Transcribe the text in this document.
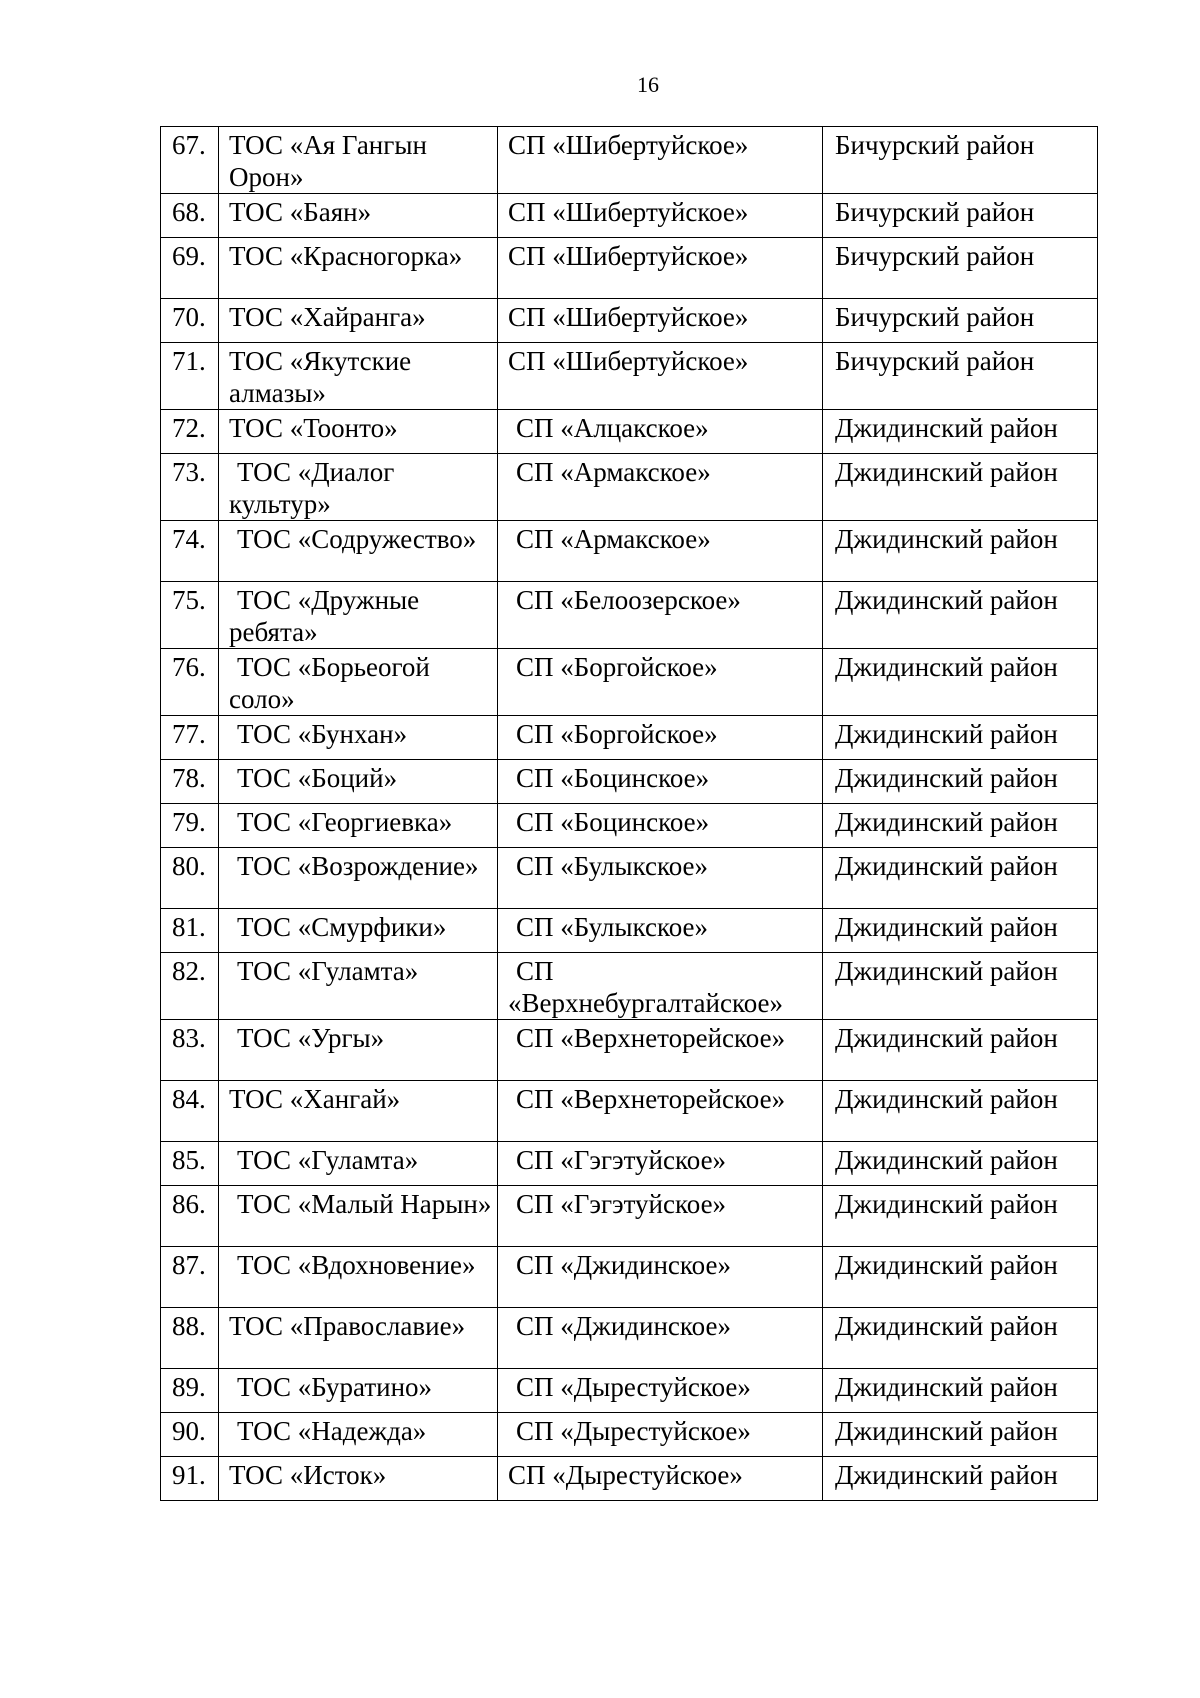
16
67.	ТОС «Ая Гангын Орон»	СП «Шибертуйское»	Бичурский район
68.	ТОС «Баян»	СП «Шибертуйское»	Бичурский район
69.	ТОС «Красногорка»	СП «Шибертуйское»	Бичурский район
70.	ТОС «Хайранга»	СП «Шибертуйское»	Бичурский район
71.	ТОС «Якутские алмазы»	СП «Шибертуйское»	Бичурский район
72.	ТОС «Тоонто»	СП «Алцакское»	Джидинский район
73.	ТОС «Диалог культур»	СП «Армакское»	Джидинский район
74.	ТОС «Содружество»	СП «Армакское»	Джидинский район
75.	ТОС «Дружные ребята»	СП «Белоозерское»	Джидинский район
76.	ТОС «Борьеогой соло»	СП «Боргойское»	Джидинский район
77.	ТОС «Бунхан»	СП «Боргойское»	Джидинский район
78.	ТОС «Боций»	СП «Боцинское»	Джидинский район
79.	ТОС «Георгиевка»	СП «Боцинское»	Джидинский район
80.	ТОС «Возрождение»	СП «Булыкское»	Джидинский район
81.	ТОС «Смурфики»	СП «Булыкское»	Джидинский район
82.	ТОС «Гуламта»	СП «Верхнебургалтайское»	Джидинский район
83.	ТОС «Ургы»	СП «Верхнеторейское»	Джидинский район
84.	ТОС «Хангай»	СП «Верхнеторейское»	Джидинский район
85.	ТОС «Гуламта»	СП «Гэгэтуйское»	Джидинский район
86.	ТОС «Малый Нарын»	СП «Гэгэтуйское»	Джидинский район
87.	ТОС «Вдохновение»	СП «Джидинское»	Джидинский район
88.	ТОС «Православие»	СП «Джидинское»	Джидинский район
89.	ТОС «Буратино»	СП «Дырестуйское»	Джидинский район
90.	ТОС «Надежда»	СП «Дырестуйское»	Джидинский район
91.	ТОС «Исток»	СП «Дырестуйское»	Джидинский район
